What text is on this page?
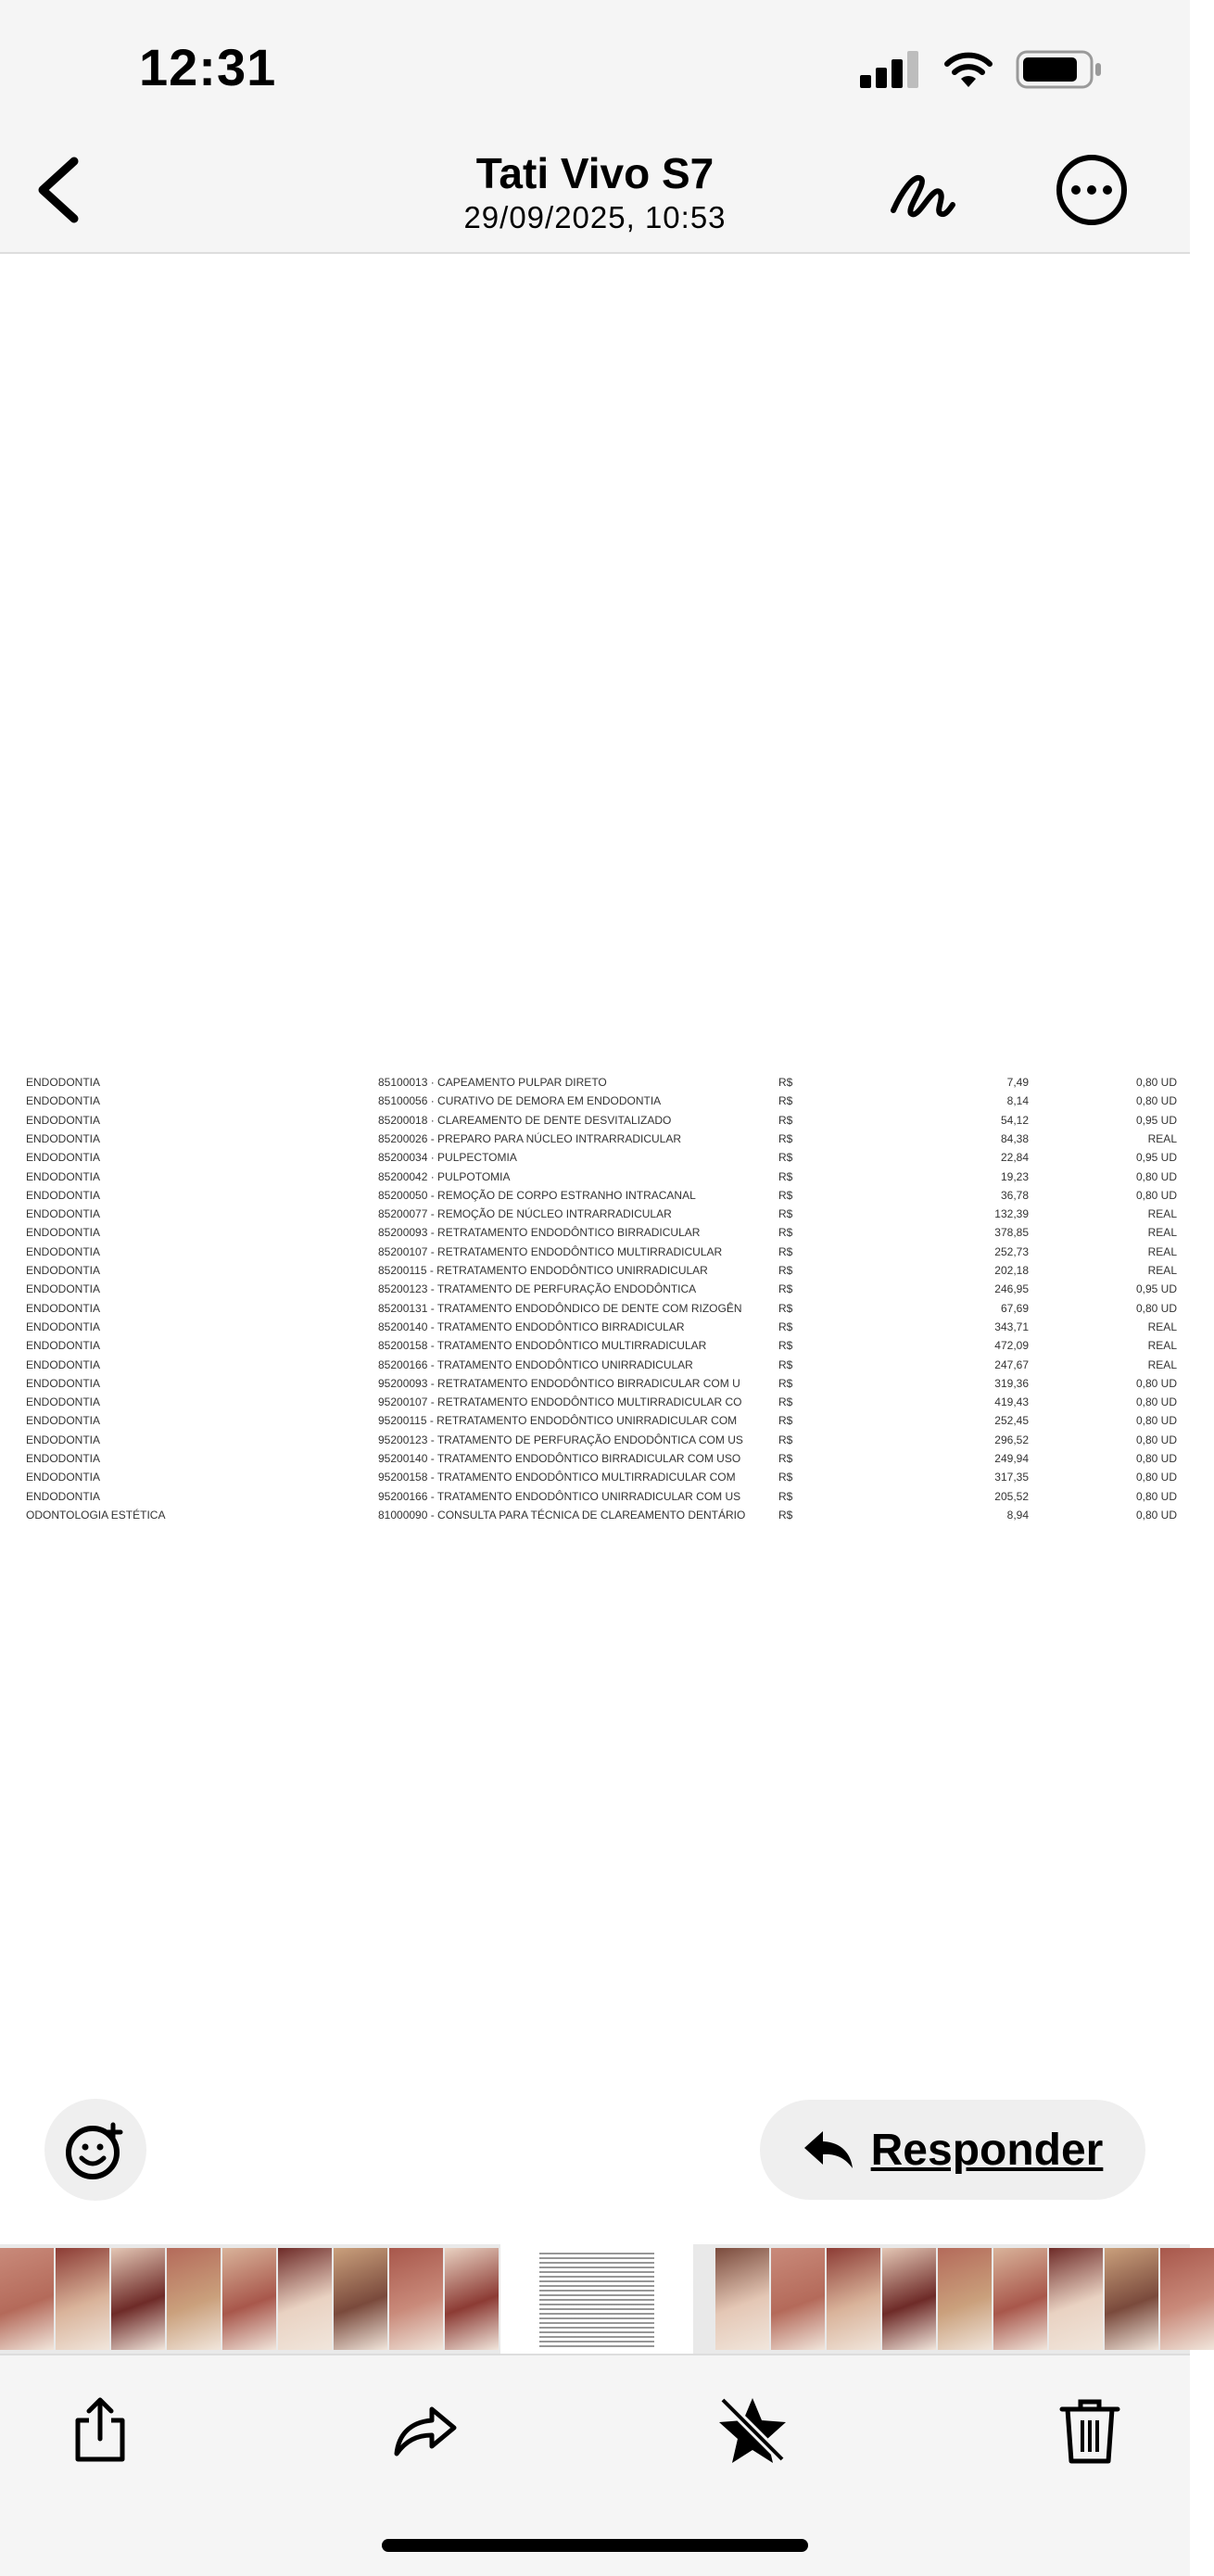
12:31
Tati Vivo S7
29/09/2025, 10:53
ENDODONTIA	85100013 · CAPEAMENTO PULPAR DIRETO	R$	7,49	0,80 UD
ENDODONTIA	85100056 · CURATIVO DE DEMORA EM ENDODONTIA	R$	8,14	0,80 UD
ENDODONTIA	85200018 · CLAREAMENTO DE DENTE DESVITALIZADO	R$	54,12	0,95 UD
ENDODONTIA	85200026 - PREPARO PARA NÚCLEO INTRARRADICULAR	R$	84,38	REAL
ENDODONTIA	85200034 · PULPECTOMIA	R$	22,84	0,95 UD
ENDODONTIA	85200042 · PULPOTOMIA	R$	19,23	0,80 UD
ENDODONTIA	85200050 - REMOÇÃO DE CORPO ESTRANHO INTRACANAL	R$	36,78	0,80 UD
ENDODONTIA	85200077 - REMOÇÃO DE NÚCLEO INTRARRADICULAR	R$	132,39	REAL
ENDODONTIA	85200093 - RETRATAMENTO ENDODÔNTICO BIRRADICULAR	R$	378,85	REAL
ENDODONTIA	85200107 - RETRATAMENTO ENDODÔNTICO MULTIRRADICULAR	R$	252,73	REAL
ENDODONTIA	85200115 - RETRATAMENTO ENDODÔNTICO UNIRRADICULAR	R$	202,18	REAL
ENDODONTIA	85200123 - TRATAMENTO DE PERFURAÇÃO ENDODÔNTICA	R$	246,95	0,95 UD
ENDODONTIA	85200131 - TRATAMENTO ENDODÔNDICO DE DENTE COM RIZOGÊN	R$	67,69	0,80 UD
ENDODONTIA	85200140 - TRATAMENTO ENDODÔNTICO BIRRADICULAR	R$	343,71	REAL
ENDODONTIA	85200158 - TRATAMENTO ENDODÔNTICO MULTIRRADICULAR	R$	472,09	REAL
ENDODONTIA	85200166 - TRATAMENTO ENDODÔNTICO UNIRRADICULAR	R$	247,67	REAL
ENDODONTIA	95200093 - RETRATAMENTO ENDODÔNTICO BIRRADICULAR COM U	R$	319,36	0,80 UD
ENDODONTIA	95200107 - RETRATAMENTO ENDODÔNTICO MULTIRRADICULAR CO	R$	419,43	0,80 UD
ENDODONTIA	95200115 - RETRATAMENTO ENDODÔNTICO UNIRRADICULAR COM	R$	252,45	0,80 UD
ENDODONTIA	95200123 - TRATAMENTO DE PERFURAÇÃO ENDODÔNTICA COM US	R$	296,52	0,80 UD
ENDODONTIA	95200140 - TRATAMENTO ENDODÔNTICO BIRRADICULAR COM USO	R$	249,94	0,80 UD
ENDODONTIA	95200158 - TRATAMENTO ENDODÔNTICO MULTIRRADICULAR COM	R$	317,35	0,80 UD
ENDODONTIA	95200166 - TRATAMENTO ENDODÔNTICO UNIRRADICULAR COM US	R$	205,52	0,80 UD
ODONTOLOGIA ESTÉTICA	81000090 - CONSULTA PARA TÉCNICA DE CLAREAMENTO DENTÁRIO	R$	8,94	0,80 UD
Responder
